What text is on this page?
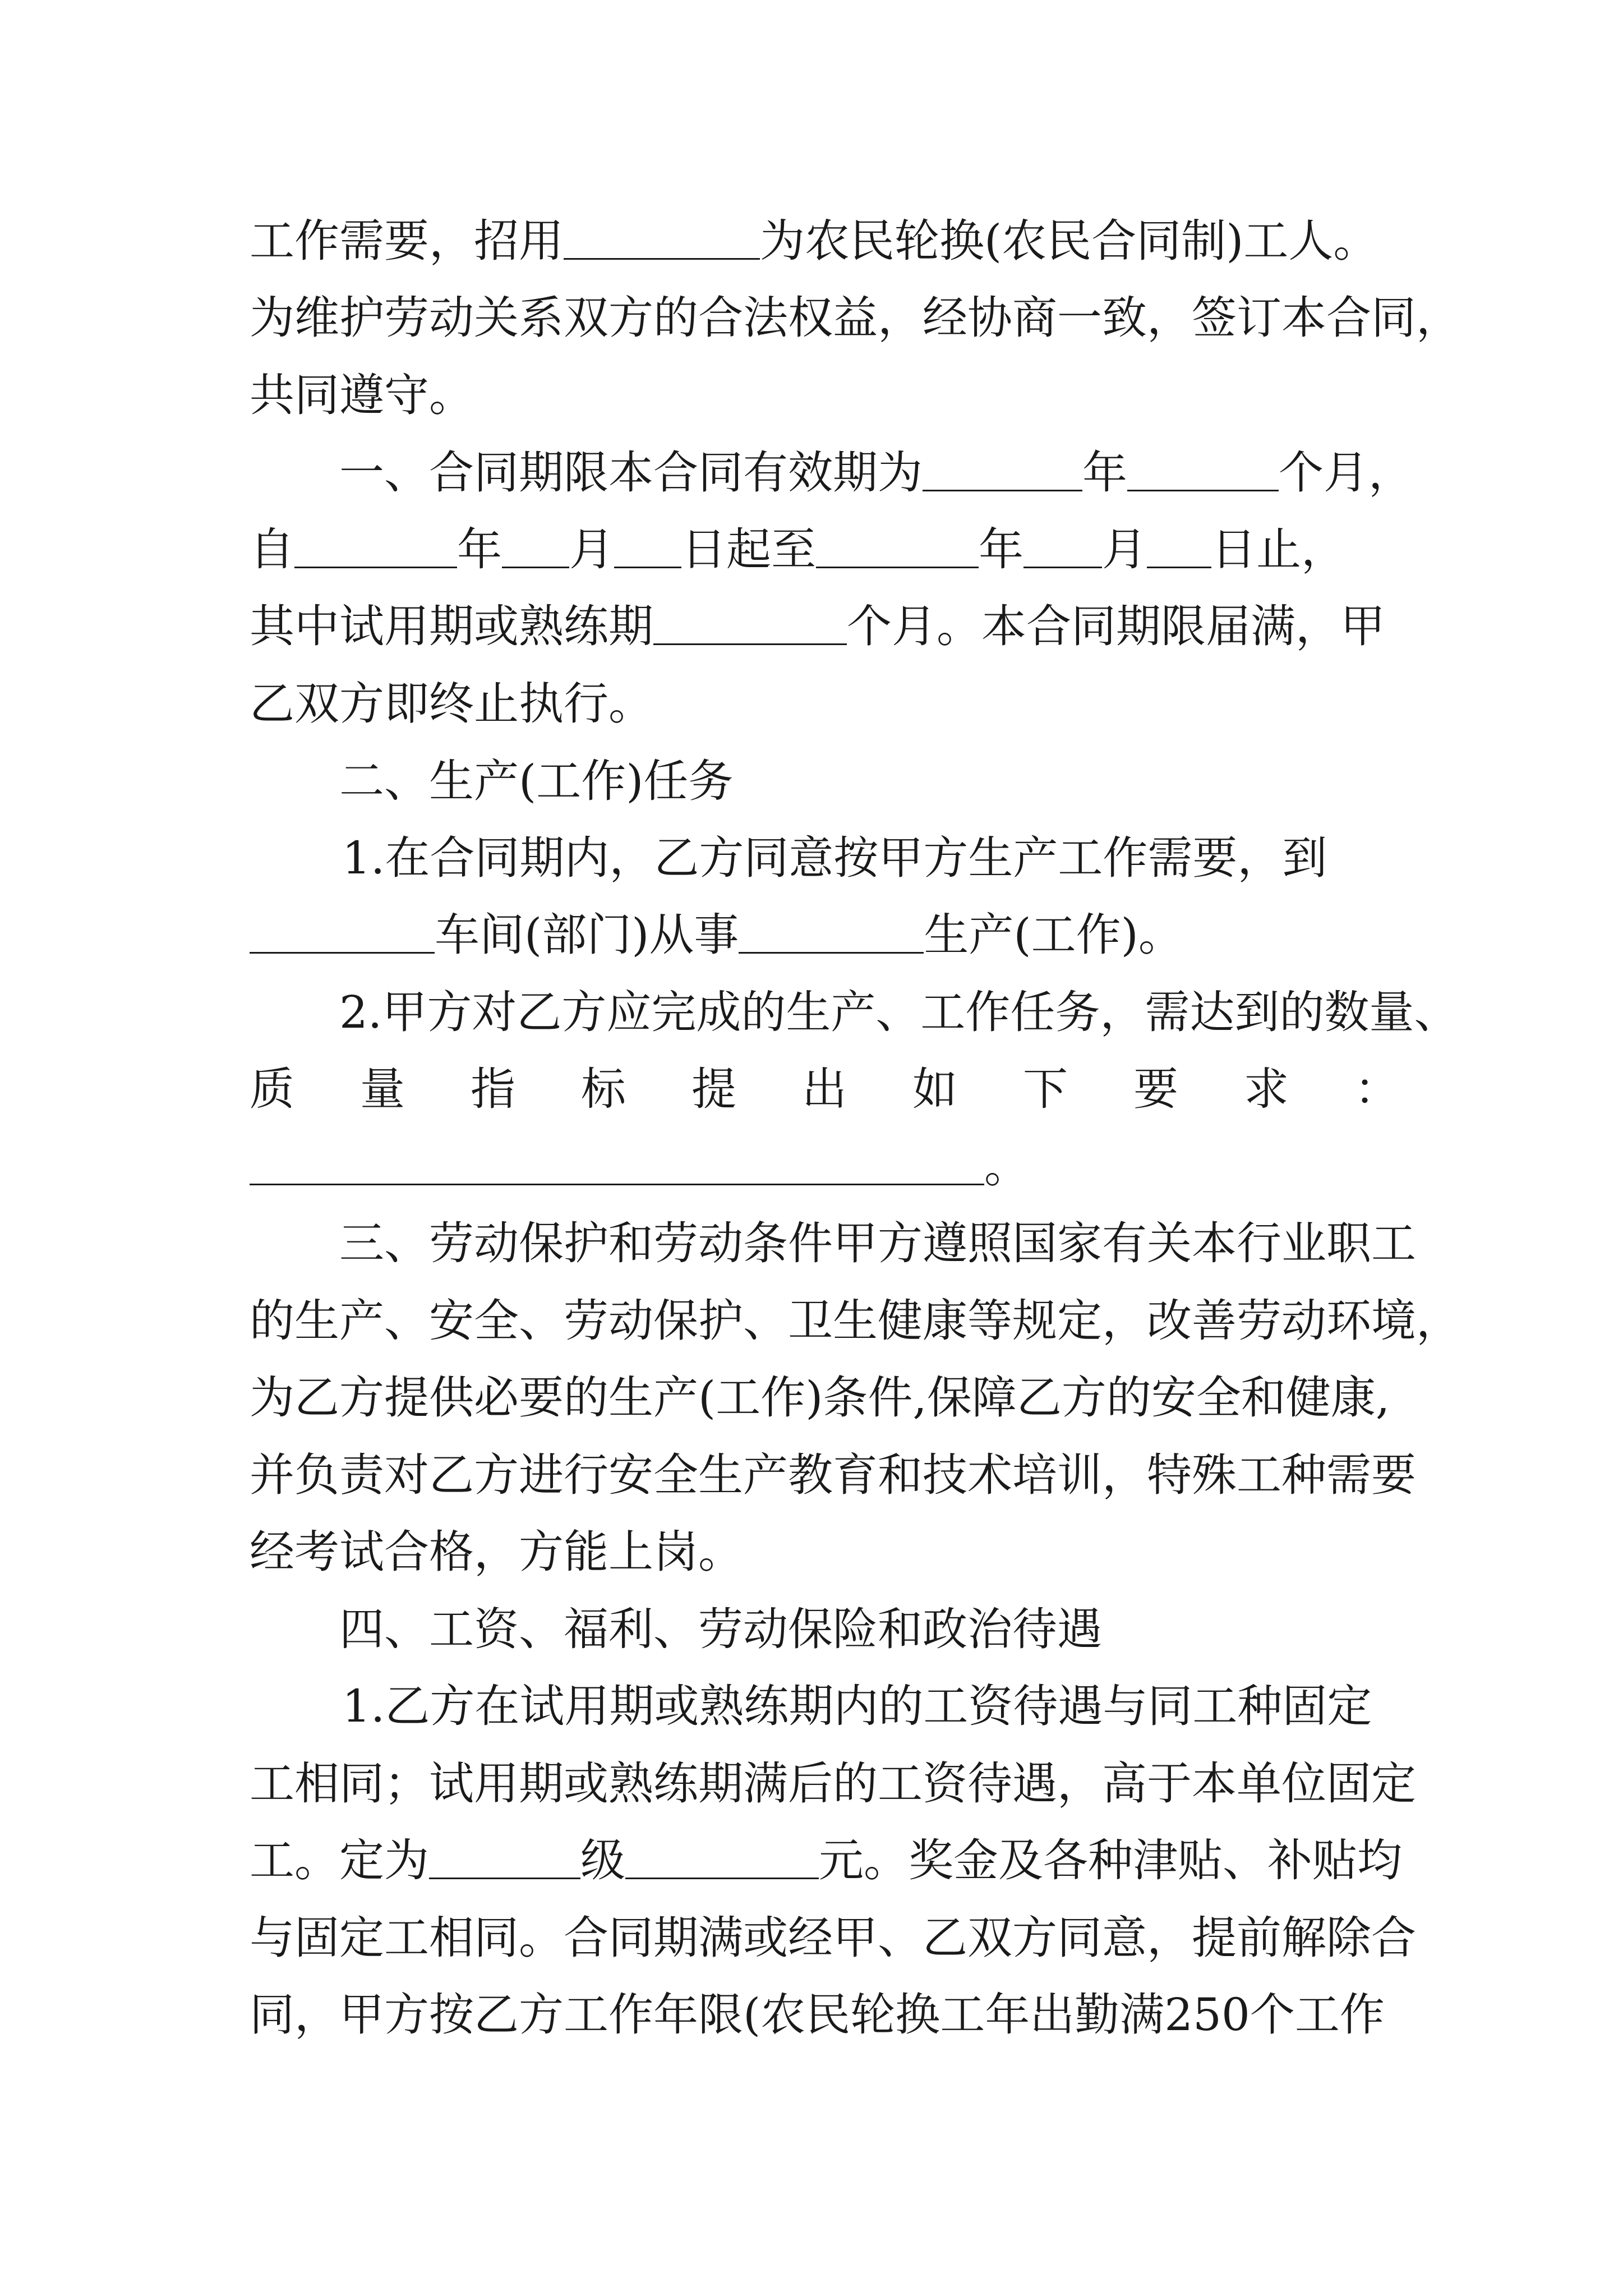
工作需要，招用	为农民轮换(农民合同制)工人。
为维护劳动关系双方的合法权益，经协商一致，签订本合同，
共同遵守。
一、合同期限本合同有效期为	年	个月，
自	年 月 日起至	年 月 日止，
其中试用期或熟练期	个月。本合同期限届满，甲
乙双方即终止执行。
二、生产(工作)任务
1.在合同期内，乙方同意按甲方生产工作需要，到
车间(部门)从事	生产(工作)。
2.甲方对乙方应完成的生产、工作任务，需达到的数量、
质 量 指 标 提 出 如 下 要 求 ：
。
三、劳动保护和劳动条件甲方遵照国家有关本行业职工
的生产、安全、劳动保护、卫生健康等规定，改善劳动环境，
为乙方提供必要的生产(工作)条件,保障乙方的安全和健康,
并负责对乙方进行安全生产教育和技术培训，特殊工种需要
经考试合格，方能上岗。
四、工资、福利、劳动保险和政治待遇
1.乙方在试用期或熟练期内的工资待遇与同工种固定
工相同；试用期或熟练期满后的工资待遇，高于本单位固定
工。定为	级	元。奖金及各种津贴、补贴均
与固定工相同。合同期满或经甲、乙双方同意，提前解除合
同，甲方按乙方工作年限(农民轮换工年出勤满250个工作
